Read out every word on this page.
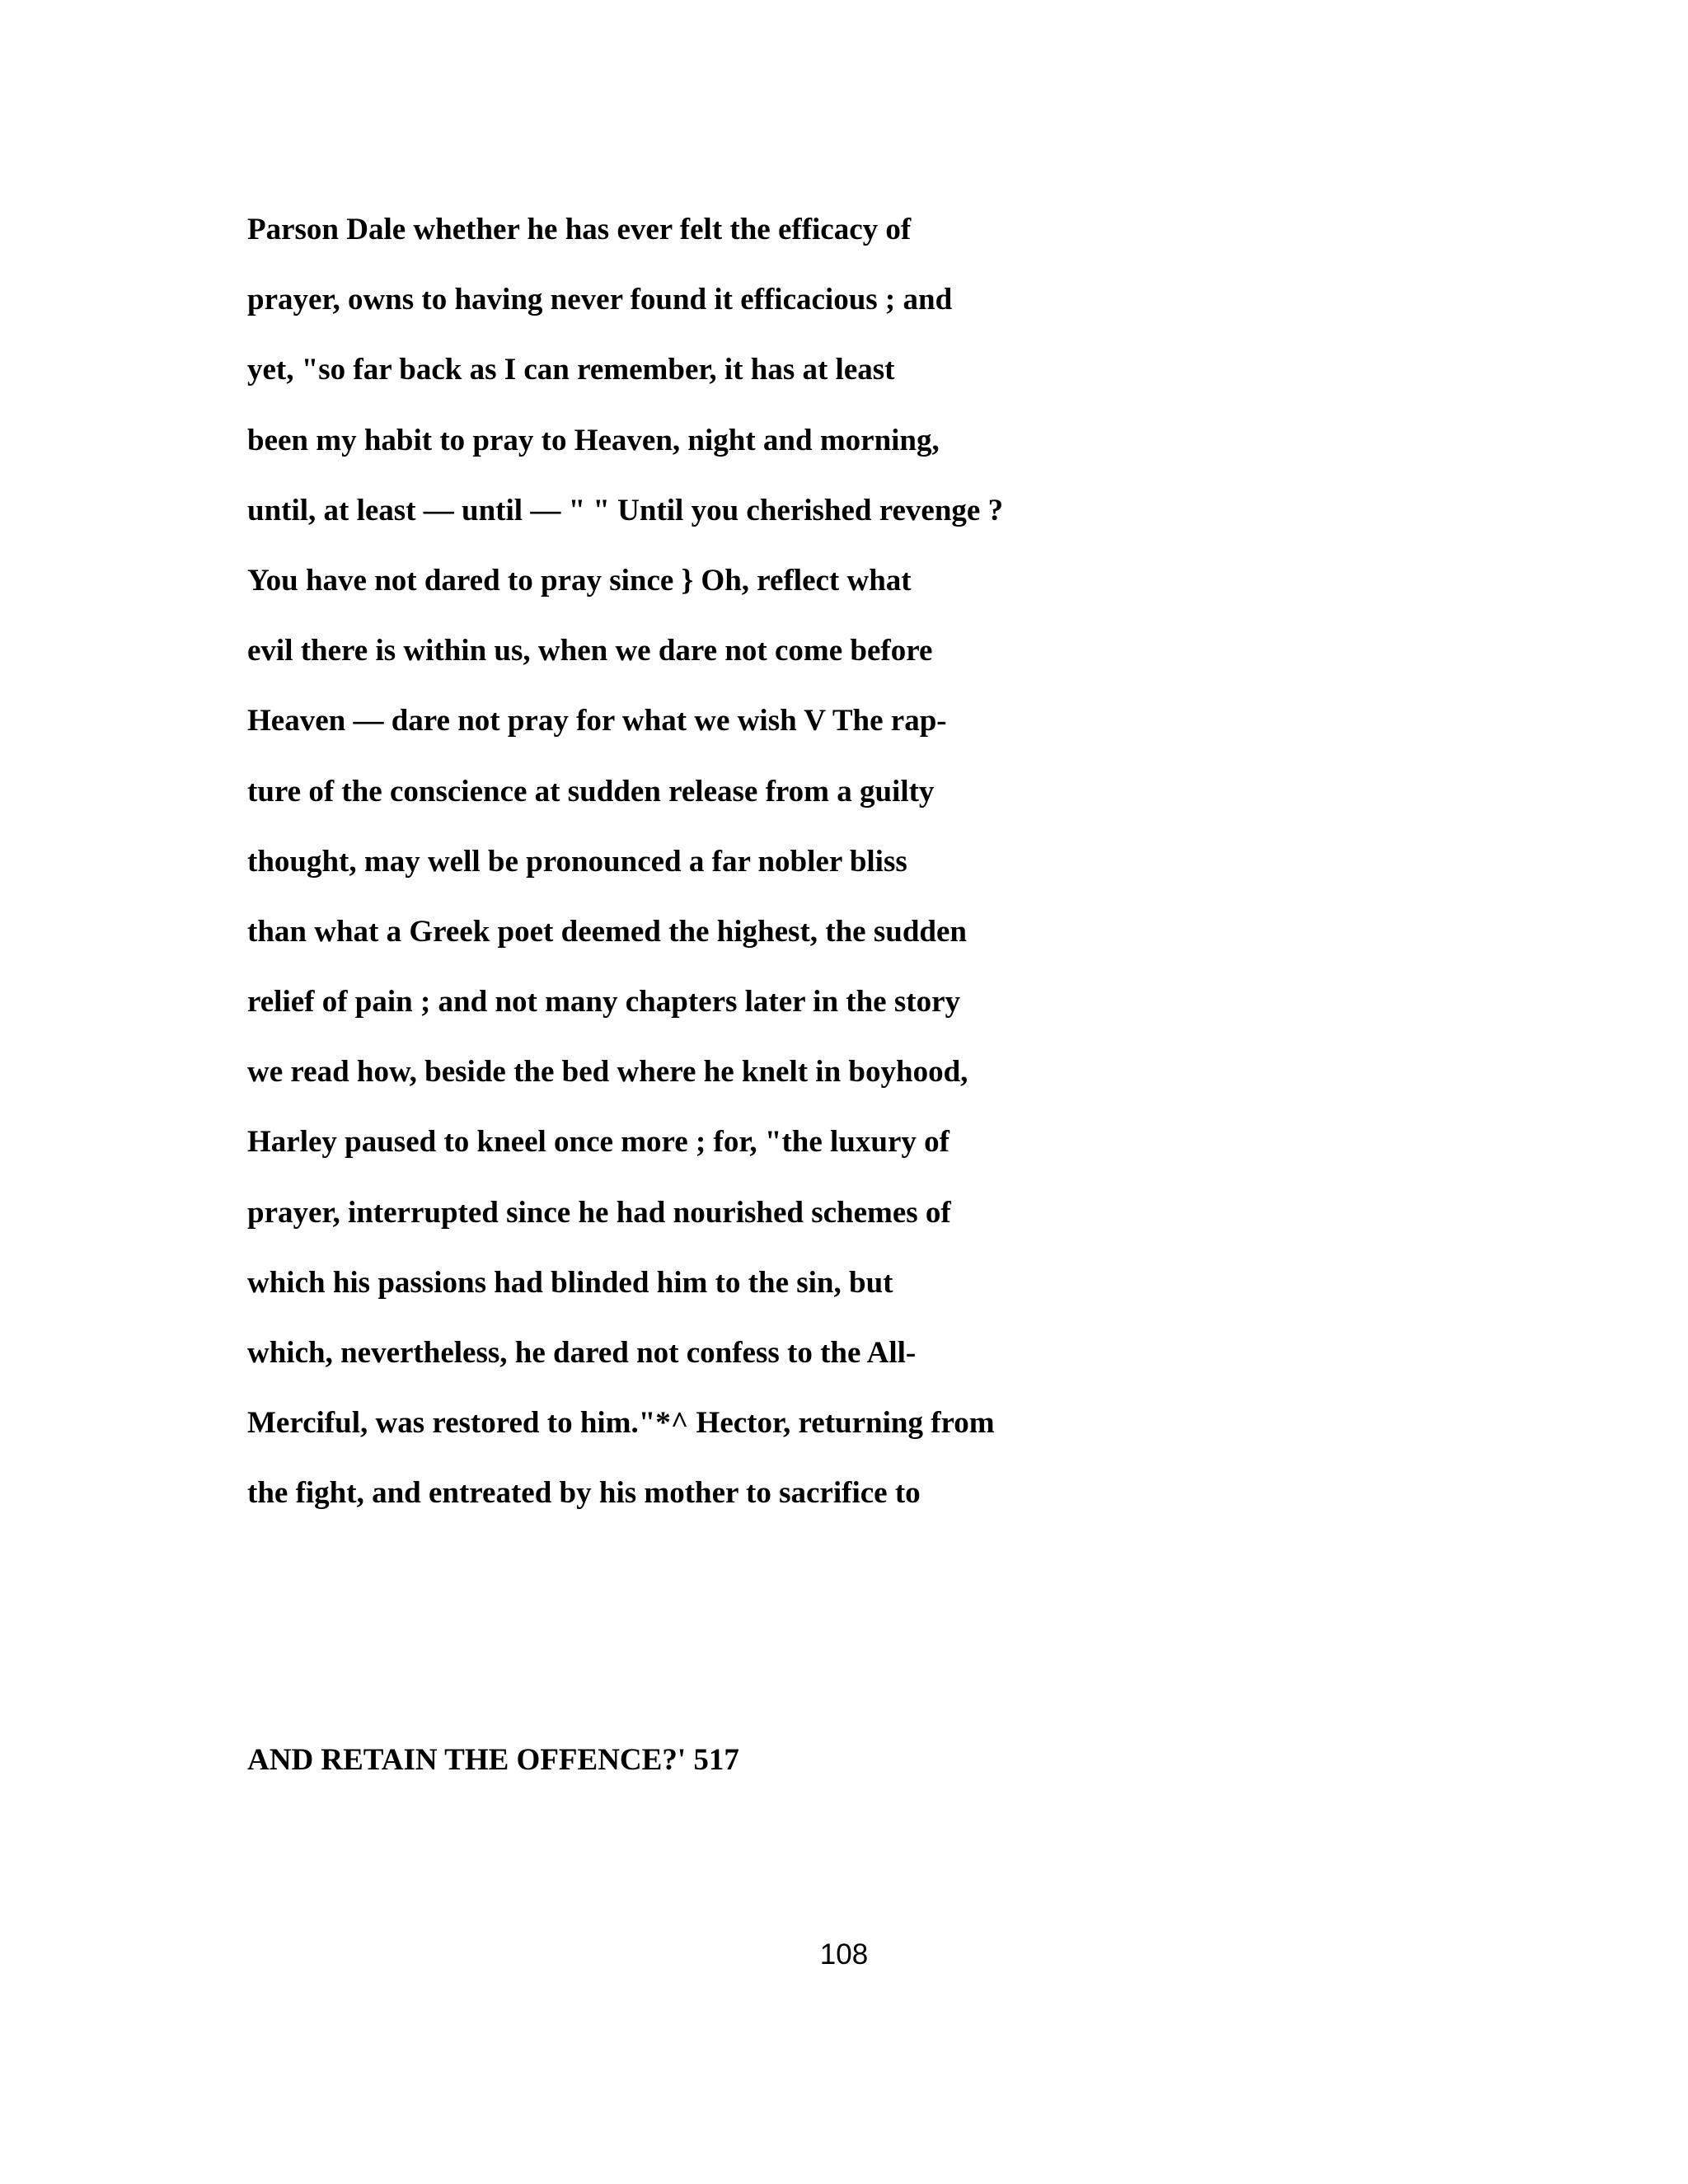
Parson Dale whether he has ever felt the efficacy of
prayer, owns to having never found it efficacious ; and
yet, "so far back as I can remember, it has at least
been my habit to pray to Heaven, night and morning,
until, at least — until — " " Until you cherished revenge ?
You have not dared to pray since } Oh, reflect what
evil there is within us, when we dare not come before
Heaven — dare not pray for what we wish V The rap-
ture of the conscience at sudden release from a guilty
thought, may well be pronounced a far nobler bliss
than what a Greek poet deemed the highest, the sudden
relief of pain ; and not many chapters later in the story
we read how, beside the bed where he knelt in boyhood,
Harley paused to kneel once more ; for, "the luxury of
prayer, interrupted since he had nourished schemes of
which his passions had blinded him to the sin, but
which, nevertheless, he dared not confess to the All-
Merciful, was restored to him."*^ Hector, returning from
the fight, and entreated by his mother to sacrifice to
AND RETAIN THE OFFENCE?' 517
108
